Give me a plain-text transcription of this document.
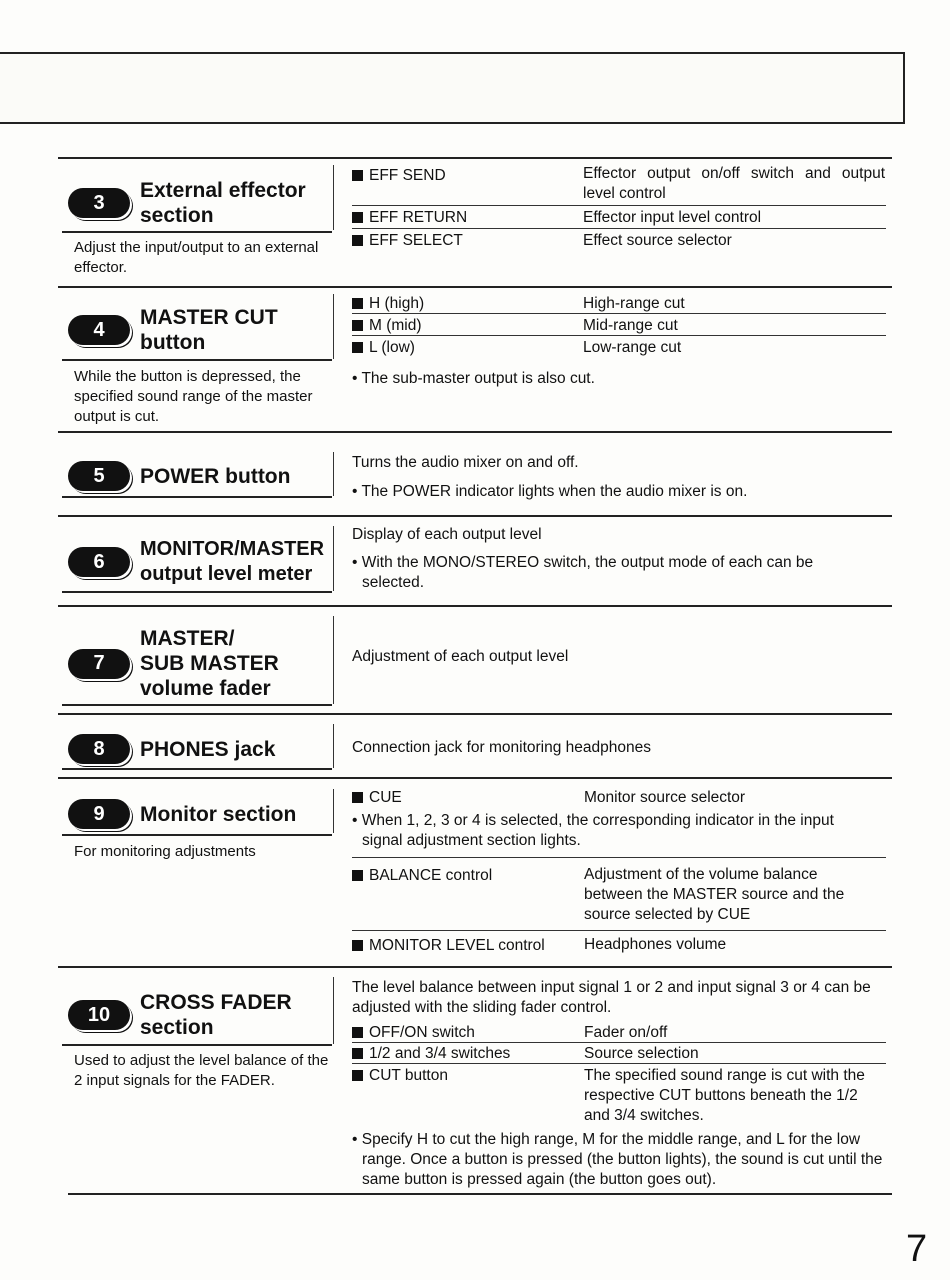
3
External effector
section
Adjust the input/output to an external effector.
EFF SEND	Effector output on/off switch and output level control
EFF RETURN	Effector input level control
EFF SELECT	Effect source selector
4
MASTER CUT
button
While the button is depressed, the specified sound range of the master output is cut.
H (high)	High-range cut
M (mid)	Mid-range cut
L (low)	Low-range cut
• The sub-master output is also cut.
5	POWER button
Turns the audio mixer on and off.
• The POWER indicator lights when the audio mixer is on.
6
MONITOR/MASTER
output level meter
Display of each output level
• With the MONO/STEREO switch, the output mode of each can be selected.
7
MASTER/
SUB MASTER
volume fader
Adjustment of each output level
8	PHONES jack	Connection jack for monitoring headphones
9	Monitor section
For monitoring adjustments
CUE	Monitor source selector
• When 1, 2, 3 or 4 is selected, the corresponding indicator in the input signal adjustment section lights.
BALANCE control	Adjustment of the volume balance between the MASTER source and the source selected by CUE
MONITOR LEVEL control	Headphones volume
10
CROSS FADER
section
Used to adjust the level balance of the 2 input signals for the FADER.
The level balance between input signal 1 or 2 and input signal 3 or 4 can be adjusted with the sliding fader control.
OFF/ON switch	Fader on/off
1/2 and 3/4 switches	Source selection
CUT button	The specified sound range is cut with the respective CUT buttons beneath the 1/2 and 3/4 switches.
• Specify H to cut the high range, M for the middle range, and L for the low range. Once a button is pressed (the button lights), the sound is cut until the same button is pressed again (the button goes out).
7
